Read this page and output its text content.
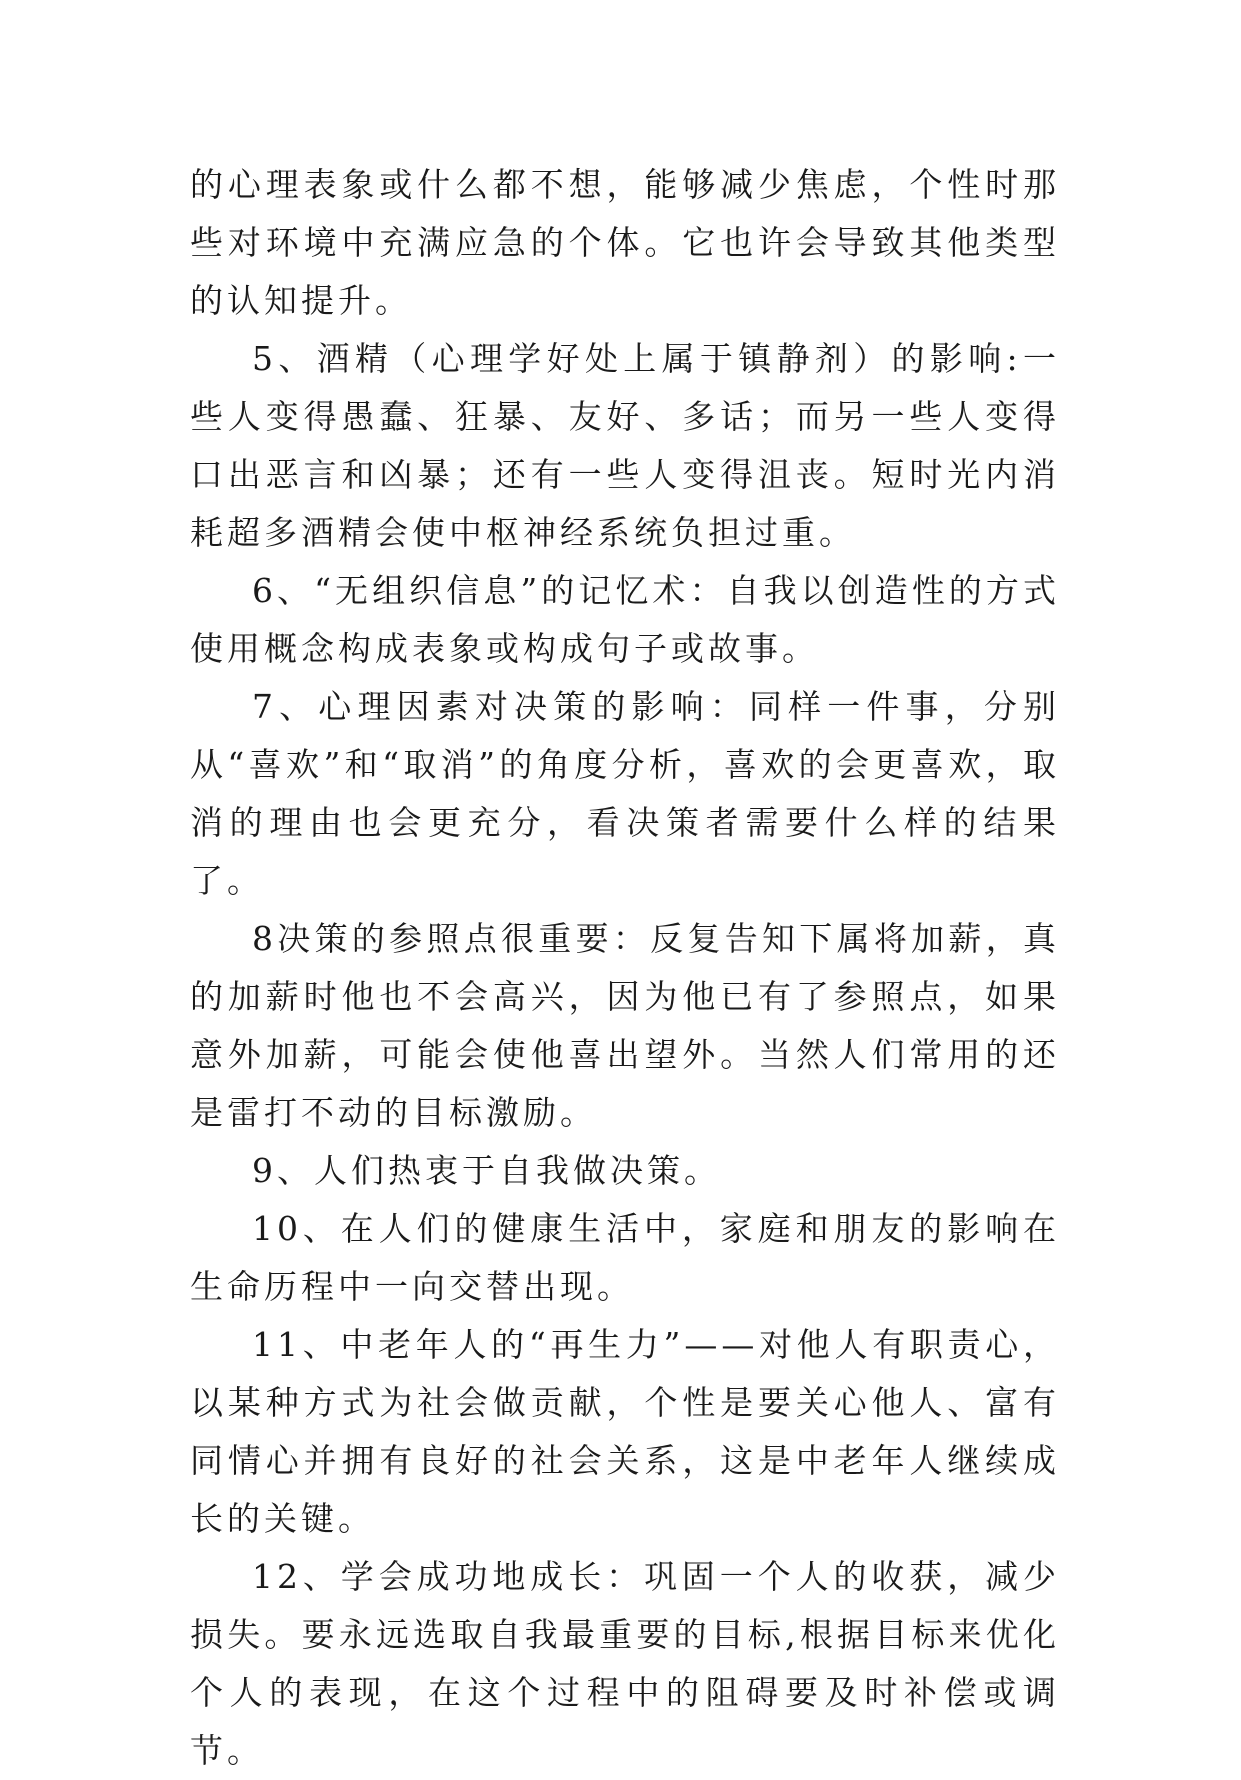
的心理表象或什么都不想，能够减少焦虑，个性时那些对环境中充满应急的个体。它也许会导致其他类型的认知提升。

5、酒精（心理学好处上属于镇静剂）的影响:一些人变得愚蠢、狂暴、友好、多话；而另一些人变得口出恶言和凶暴；还有一些人变得沮丧。短时光内消耗超多酒精会使中枢神经系统负担过重。

6、“无组织信息”的记忆术：自我以创造性的方式使用概念构成表象或构成句子或故事。

7、心理因素对决策的影响：同样一件事，分别从“喜欢”和“取消”的角度分析，喜欢的会更喜欢，取消的理由也会更充分，看决策者需要什么样的结果了。

8决策的参照点很重要：反复告知下属将加薪，真的加薪时他也不会高兴，因为他已有了参照点，如果意外加薪，可能会使他喜出望外。当然人们常用的还是雷打不动的目标激励。

9、人们热衷于自我做决策。

10、在人们的健康生活中，家庭和朋友的影响在生命历程中一向交替出现。

11、中老年人的“再生力”——对他人有职责心，以某种方式为社会做贡献，个性是要关心他人、富有同情心并拥有良好的社会关系，这是中老年人继续成长的关键。

12、学会成功地成长：巩固一个人的收获，减少损失。要永远选取自我最重要的目标,根据目标来优化个人的表现，在这个过程中的阻碍要及时补偿或调节。
